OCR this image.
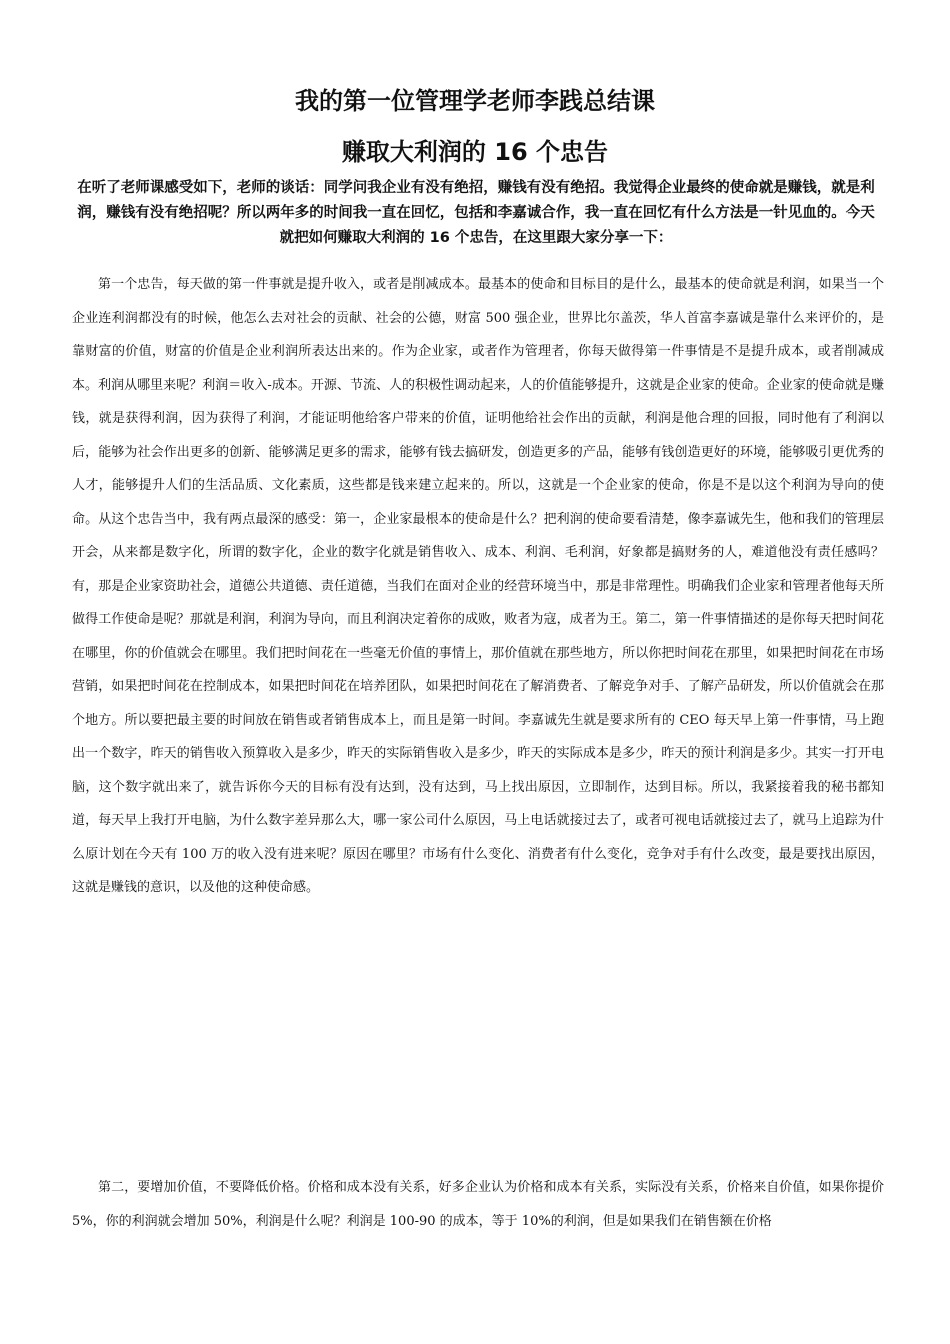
我的第一位管理学老师李践总结课
赚取大利润的 16 个忠告

在听了老师课感受如下，老师的谈话：同学问我企业有没有绝招，赚钱有没有绝招。我觉得企业最终的使命就是赚钱，就是利润，赚钱有没有绝招呢？所以两年多的时间我一直在回忆，包括和李嘉诚合作，我一直在回忆有什么方法是一针见血的。今天就把如何赚取大利润的 16 个忠告，在这里跟大家分享一下：

第一个忠告，每天做的第一件事就是提升收入，或者是削减成本。最基本的使命和目标目的是什么，最基本的使命就是利润，如果当一个企业连利润都没有的时候，他怎么去对社会的贡献、社会的公德，财富 500 强企业，世界比尔盖茨，华人首富李嘉诚是靠什么来评价的，是靠财富的价值，财富的价值是企业利润所表达出来的。作为企业家，或者作为管理者，你每天做得第一件事情是不是提升成本，或者削减成本。利润从哪里来呢？利润＝收入-成本。开源、节流、人的积极性调动起来，人的价值能够提升，这就是企业家的使命。企业家的使命就是赚钱，就是获得利润，因为获得了利润，才能证明他给客户带来的价值，证明他给社会作出的贡献，利润是他合理的回报，同时他有了利润以后，能够为社会作出更多的创新、能够满足更多的需求，能够有钱去搞研发，创造更多的产品，能够有钱创造更好的环境，能够吸引更优秀的人才，能够提升人们的生活品质、文化素质，这些都是钱来建立起来的。所以，这就是一个企业家的使命，你是不是以这个利润为导向的使命。从这个忠告当中，我有两点最深的感受：第一，企业家最根本的使命是什么？把利润的使命要看清楚，像李嘉诚先生，他和我们的管理层开会，从来都是数字化，所谓的数字化，企业的数字化就是销售收入、成本、利润、毛利润，好象都是搞财务的人，难道他没有责任感吗？有，那是企业家资助社会，道德公共道德、责任道德，当我们在面对企业的经营环境当中，那是非常理性。明确我们企业家和管理者他每天所做得工作使命是呢？那就是利润，利润为导向，而且利润决定着你的成败，败者为寇，成者为王。第二，第一件事情描述的是你每天把时间花在哪里，你的价值就会在哪里。我们把时间花在一些毫无价值的事情上，那价值就在那些地方，所以你把时间花在那里，如果把时间花在市场营销，如果把时间花在控制成本，如果把时间花在培养团队，如果把时间花在了解消费者、了解竞争对手、了解产品研发，所以价值就会在那个地方。所以要把最主要的时间放在销售或者销售成本上，而且是第一时间。李嘉诚先生就是要求所有的 CEO 每天早上第一件事情，马上跑出一个数字，昨天的销售收入预算收入是多少，昨天的实际销售收入是多少，昨天的实际成本是多少，昨天的预计利润是多少。其实一打开电脑，这个数字就出来了，就告诉你今天的目标有没有达到，没有达到，马上找出原因，立即制作，达到目标。所以，我紧接着我的秘书都知道，每天早上我打开电脑，为什么数字差异那么大，哪一家公司什么原因，马上电话就接过去了，或者可视电话就接过去了，就马上追踪为什么原计划在今天有 100 万的收入没有进来呢？原因在哪里？市场有什么变化、消费者有什么变化，竞争对手有什么改变，最是要找出原因，这就是赚钱的意识，以及他的这种使命感。

第二，要增加价值，不要降低价格。价格和成本没有关系，好多企业认为价格和成本有关系，实际没有关系，价格来自价值，如果你提价 5%，你的利润就会增加 50%，利润是什么呢？利润是 100-90 的成本，等于 10%的利润，但是如果我们在销售额在价格
